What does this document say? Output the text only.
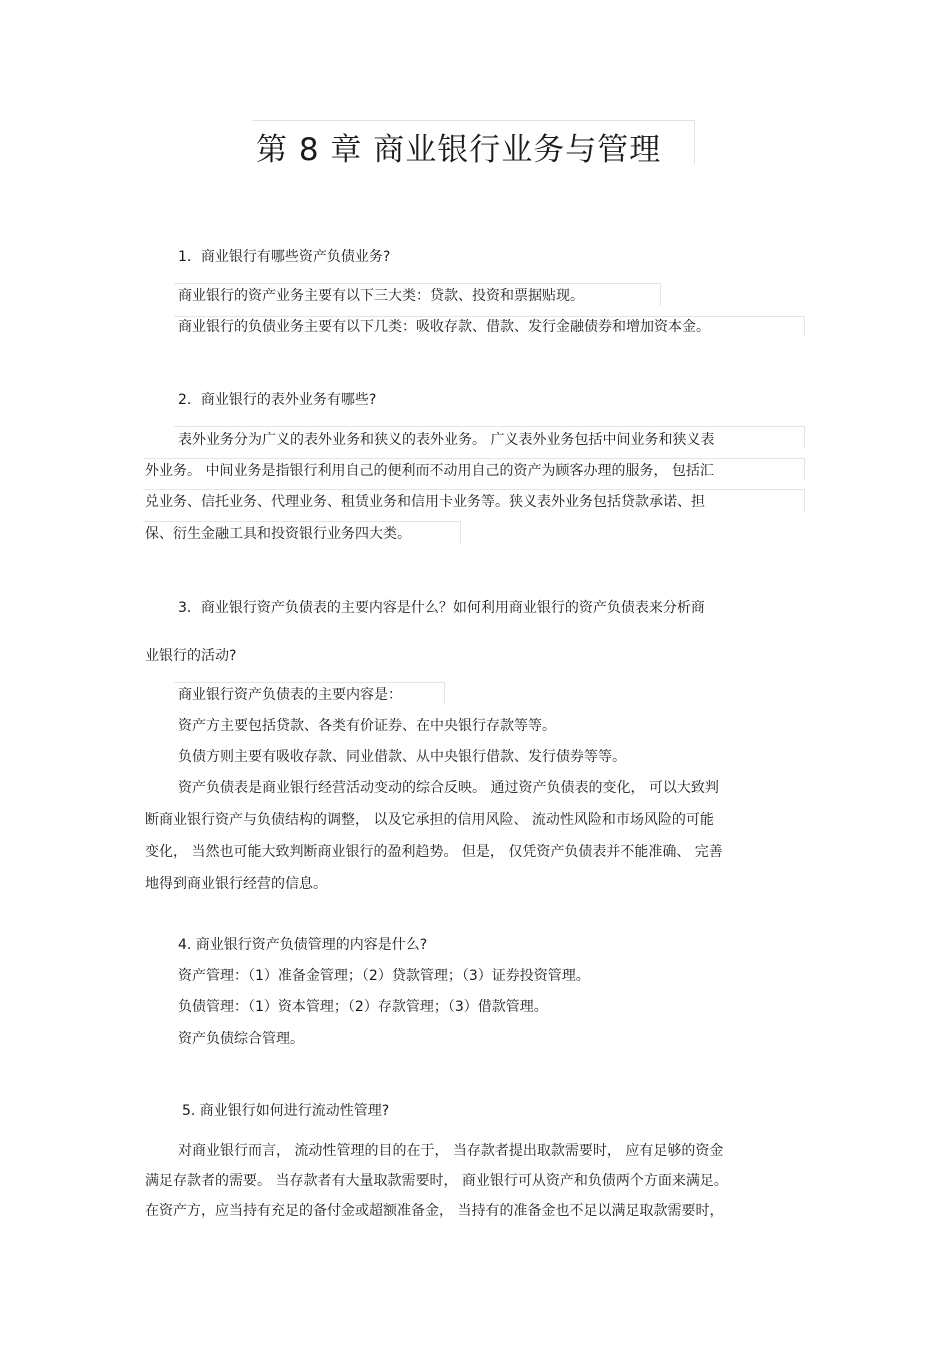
第 8 章 商业银行业务与管理
1．商业银行有哪些资产负债业务?
商业银行的资产业务主要有以下三大类：贷款、投资和票据贴现。
商业银行的负债业务主要有以下几类：吸收存款、借款、发行金融债券和增加资本金。
2．商业银行的表外业务有哪些?
表外业务分为广义的表外业务和狭义的表外业务。 广义表外业务包括中间业务和狭义表
外业务。 中间业务是指银行利用自己的便利而不动用自己的资产为顾客办理的服务， 包括汇
兑业务、信托业务、代理业务、租赁业务和信用卡业务等。狭义表外业务包括贷款承诺、担
保、衍生金融工具和投资银行业务四大类。
3．商业银行资产负债表的主要内容是什么？如何利用商业银行的资产负债表来分析商
业银行的活动?
商业银行资产负债表的主要内容是：
资产方主要包括贷款、各类有价证券、在中央银行存款等等。
负债方则主要有吸收存款、同业借款、从中央银行借款、发行债券等等。
资产负债表是商业银行经营活动变动的综合反映。 通过资产负债表的变化， 可以大致判
断商业银行资产与负债结构的调整， 以及它承担的信用风险、 流动性风险和市场风险的可能
变化， 当然也可能大致判断商业银行的盈利趋势。 但是， 仅凭资产负债表并不能准确、 完善
地得到商业银行经营的信息。
4. 商业银行资产负债管理的内容是什么?
资产管理：（1）准备金管理；（2）贷款管理；（3）证券投资管理。
负债管理：（1）资本管理；（2）存款管理；（3）借款管理。
资产负债综合管理。
5. 商业银行如何进行流动性管理?
对商业银行而言， 流动性管理的目的在于， 当存款者提出取款需要时， 应有足够的资金
满足存款者的需要。 当存款者有大量取款需要时， 商业银行可从资产和负债两个方面来满足。
在资产方，应当持有充足的备付金或超额准备金， 当持有的准备金也不足以满足取款需要时，
